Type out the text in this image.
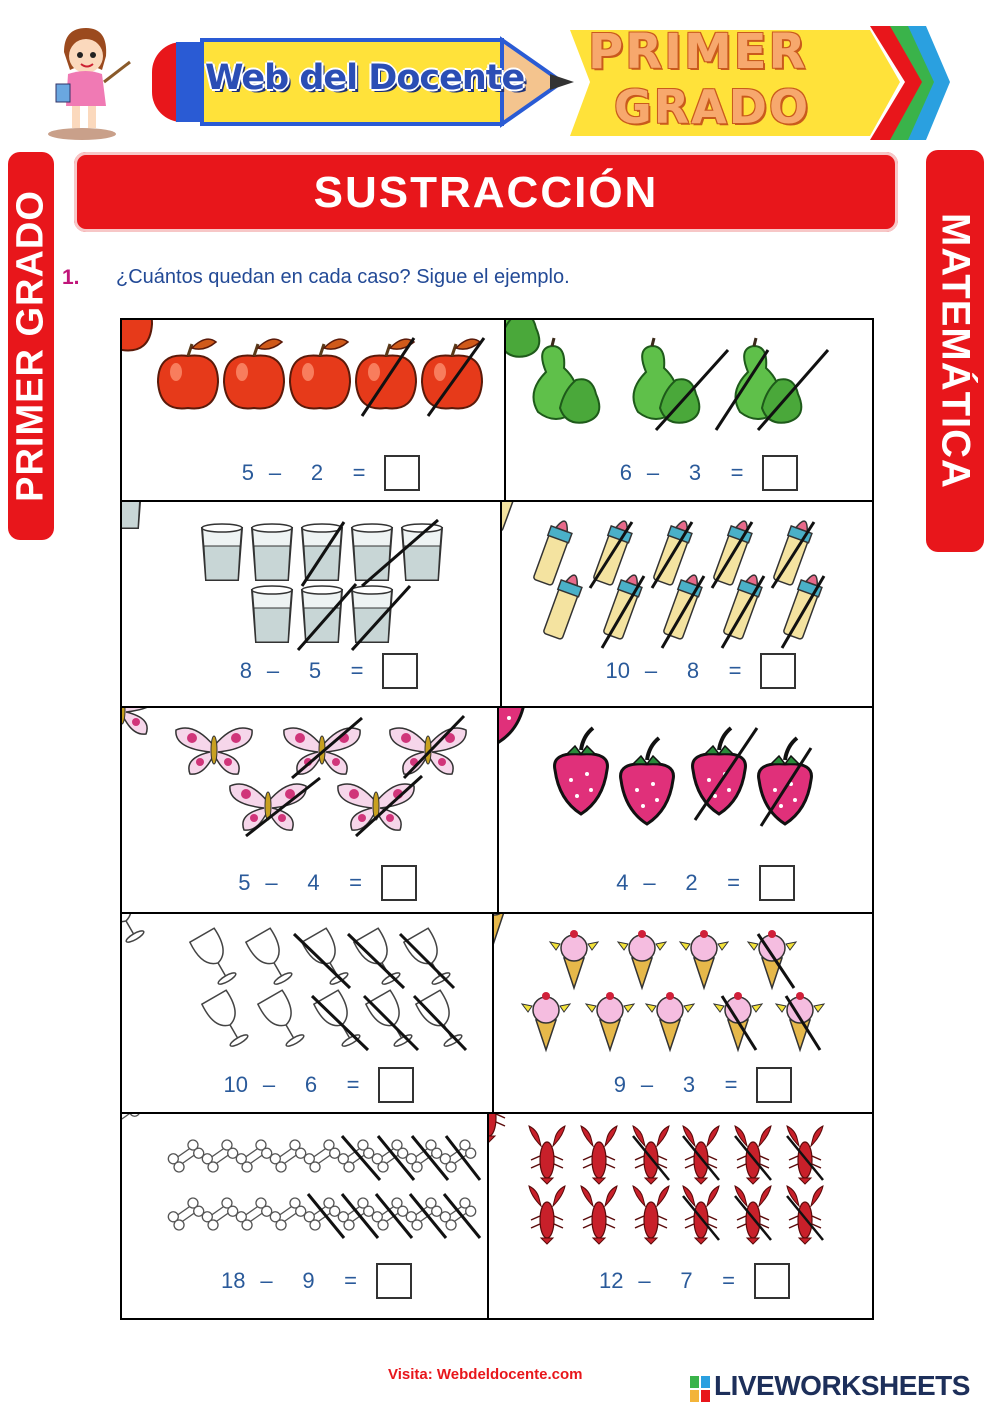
Web del Docente PRIMER
GRADO
SUSTRACCIÓN
PRIMER GRADO	MATEMÁTICA
1. ¿Cuántos quedan en cada caso? Sigue el ejemplo.
5 –	2	=	6 –	3	=
8 –	5	=	10 –	8	=
5 –	4	=	4 –	2	=
10 –	6	=	9 –	3	=
18 –	9	=	12 –	7	=
Visita: Webdeldocente.com	LIVEWORKSHEETS
